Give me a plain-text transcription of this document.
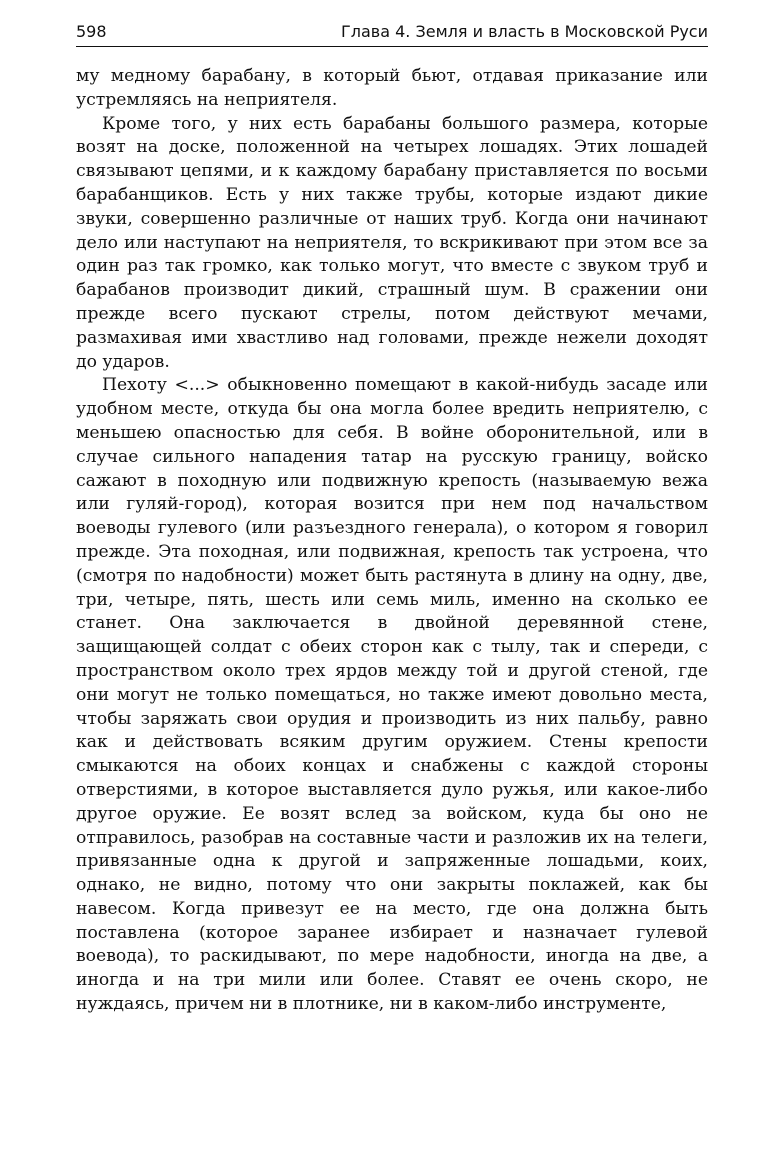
598	Глава 4. Земля и власть в Московской Руси

му медному барабану, в который бьют, отдавая приказание или устремляясь на неприятеля.

Кроме того, у них есть барабаны большого размера, которые возят на доске, положенной на четырех лошадях. Этих лошадей связывают цепями, и к каждому барабану приставляется по восьми барабанщиков. Есть у них также трубы, которые издают дикие звуки, совершенно различные от наших труб. Когда они начинают дело или наступают на неприятеля, то вскрикивают при этом все за один раз так громко, как только могут, что вместе с звуком труб и барабанов производит дикий, страшный шум. В сражении они прежде всего пускают стрелы, потом действуют мечами, размахивая ими хвастливо над головами, прежде нежели доходят до ударов.

Пехоту <...> обыкновенно помещают в какой-нибудь засаде или удобном месте, откуда бы она могла более вредить неприятелю, с меньшею опасностью для себя. В войне оборонительной, или в случае сильного нападения татар на русскую границу, войско сажают в походную или подвижную крепость (называемую вежа или гуляй-город), которая возится при нем под начальством воеводы гулевого (или разъездного генерала), о котором я говорил прежде. Эта походная, или подвижная, крепость так устроена, что (смотря по надобности) может быть растянута в длину на одну, две, три, четыре, пять, шесть или семь миль, именно на сколько ее станет. Она заключается в двойной деревянной стене, защищающей солдат с обеих сторон как с тылу, так и спереди, с пространством около трех ярдов между той и другой стеной, где они могут не только помещаться, но также имеют довольно места, чтобы заряжать свои орудия и производить из них пальбу, равно как и действовать всяким другим оружием. Стены крепости смыкаются на обоих концах и снабжены с каждой стороны отверстиями, в которое выставляется дуло ружья, или какое-либо другое оружие. Ее возят вслед за войском, куда бы оно не отправилось, разобрав на составные части и разложив их на телеги, привязанные одна к другой и запряженные лошадьми, коих, однако, не видно, потому что они закрыты поклажей, как бы навесом. Когда привезут ее на место, где она должна быть поставлена (которое заранее избирает и назначает гулевой воевода), то раскидывают, по мере надобности, иногда на две, а иногда и на три мили или более. Ставят ее очень скоро, не нуждаясь, причем ни в плотнике, ни в каком-либо инструменте,
